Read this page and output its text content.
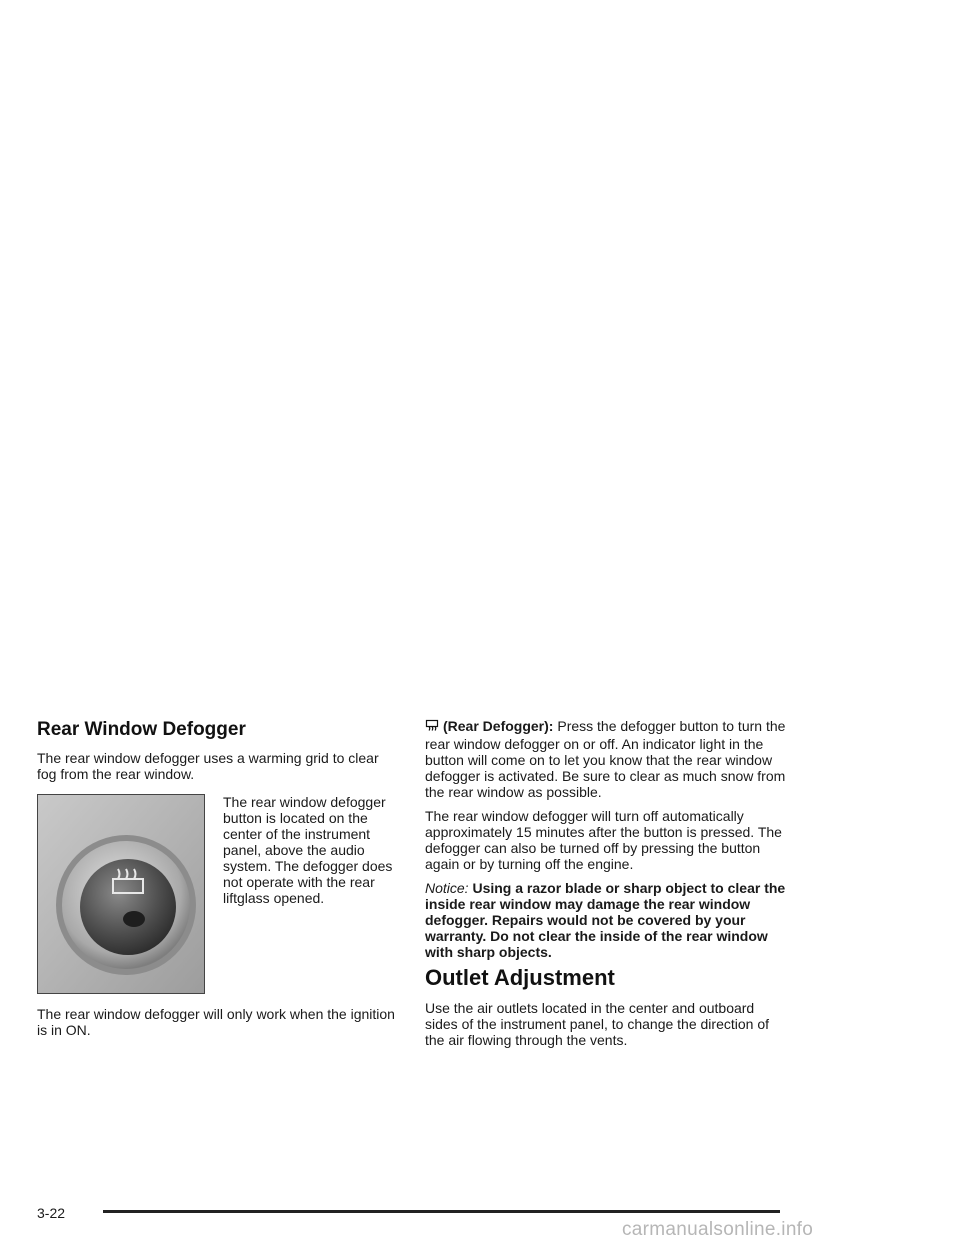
Rear Window Defogger

The rear window defogger uses a warming grid to clear fog from the rear window.

The rear window defogger button is located on the center of the instrument panel, above the audio system. The defogger does not operate with the rear liftglass opened.

The rear window defogger will only work when the ignition is in ON.

(Rear Defogger): Press the defogger button to turn the rear window defogger on or off. An indicator light in the button will come on to let you know that the rear window defogger is activated. Be sure to clear as much snow from the rear window as possible.

The rear window defogger will turn off automatically approximately 15 minutes after the button is pressed. The defogger can also be turned off by pressing the button again or by turning off the engine.

Notice: Using a razor blade or sharp object to clear the inside rear window may damage the rear window defogger. Repairs would not be covered by your warranty. Do not clear the inside of the rear window with sharp objects.

Outlet Adjustment

Use the air outlets located in the center and outboard sides of the instrument panel, to change the direction of the air flowing through the vents.

3-22
carmanualsonline.info
